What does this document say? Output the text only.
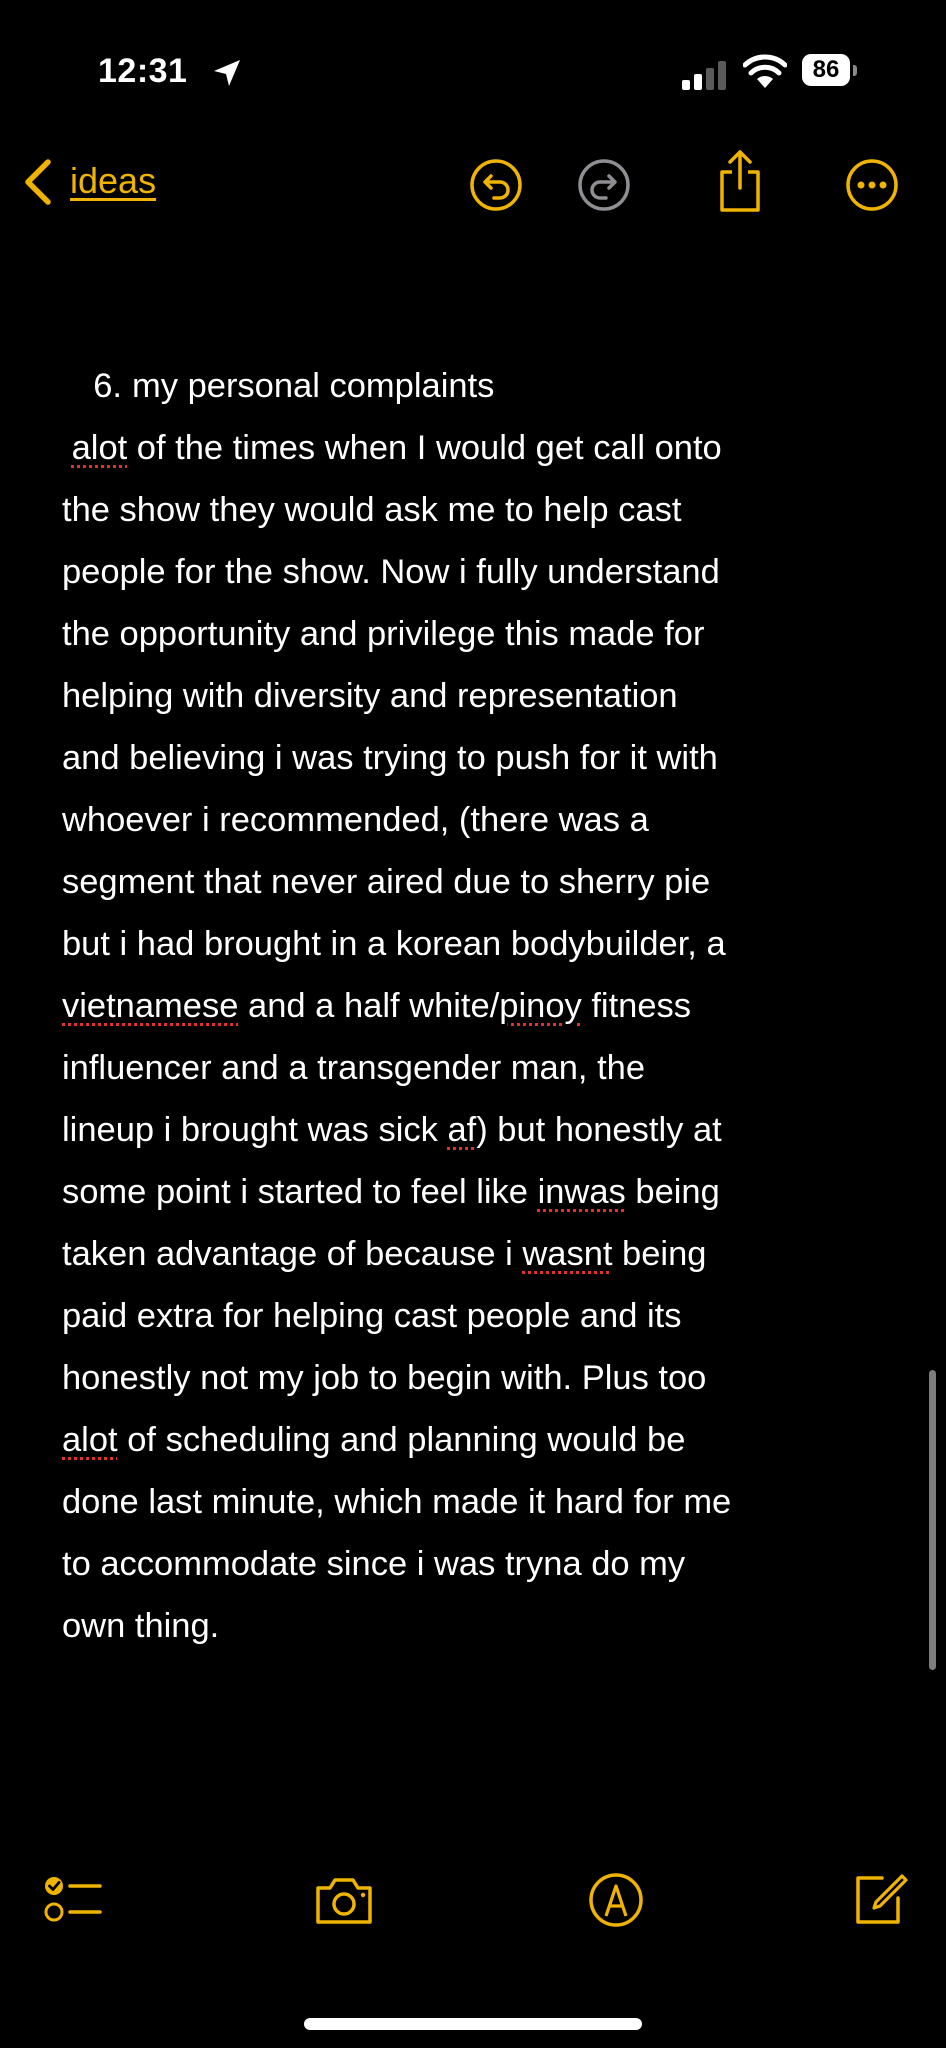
12:31	86
ideas
6. my personal complaints
alot of the times when I would get call onto
the show they would ask me to help cast
people for the show. Now i fully understand
the opportunity and privilege this made for
helping with diversity and representation
and believing i was trying to push for it with
whoever i recommended, (there was a
segment that never aired due to sherry pie
but i had brought in a korean bodybuilder, a
vietnamese and a half white/pinoy fitness
influencer and a transgender man, the
lineup i brought was sick af) but honestly at
some point i started to feel like inwas being
taken advantage of because i wasnt being
paid extra for helping cast people and its
honestly not my job to begin with. Plus too
alot of scheduling and planning would be
done last minute, which made it hard for me
to accommodate since i was tryna do my
own thing.
